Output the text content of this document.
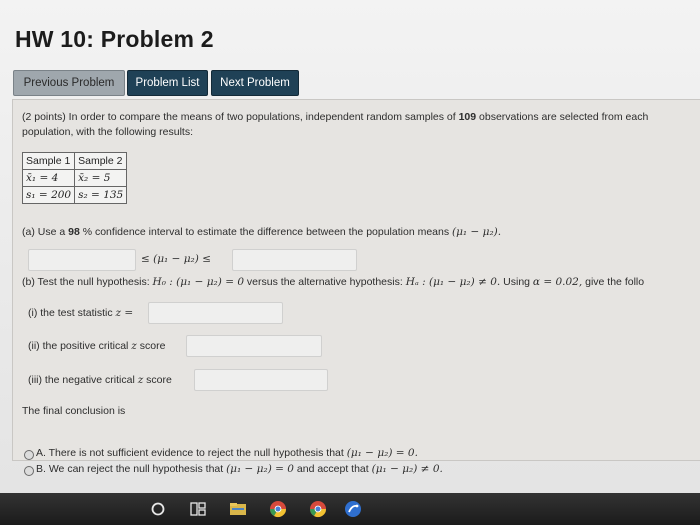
HW 10: Problem 2
Previous Problem	Problem List	Next Problem
(2 points) In order to compare the means of two populations, independent random samples of 109 observations are selected from each
population, with the following results:
Sample 1	Sample 2
x̄₁ = 4	x̄₂ = 5
s₁ = 200	s₂ = 135
(a) Use a 98 % confidence interval to estimate the difference between the population means (μ₁ − μ₂).
≤ (μ₁ − μ₂) ≤
(b) Test the null hypothesis: H₀ : (μ₁ − μ₂) = 0 versus the alternative hypothesis: Hₐ : (μ₁ − μ₂) ≠ 0. Using α = 0.02, give the follo
(i) the test statistic z =
(ii) the positive critical z score
(iii) the negative critical z score
The final conclusion is
A. There is not sufficient evidence to reject the null hypothesis that (μ₁ − μ₂) = 0.
B. We can reject the null hypothesis that (μ₁ − μ₂) = 0 and accept that (μ₁ − μ₂) ≠ 0.
